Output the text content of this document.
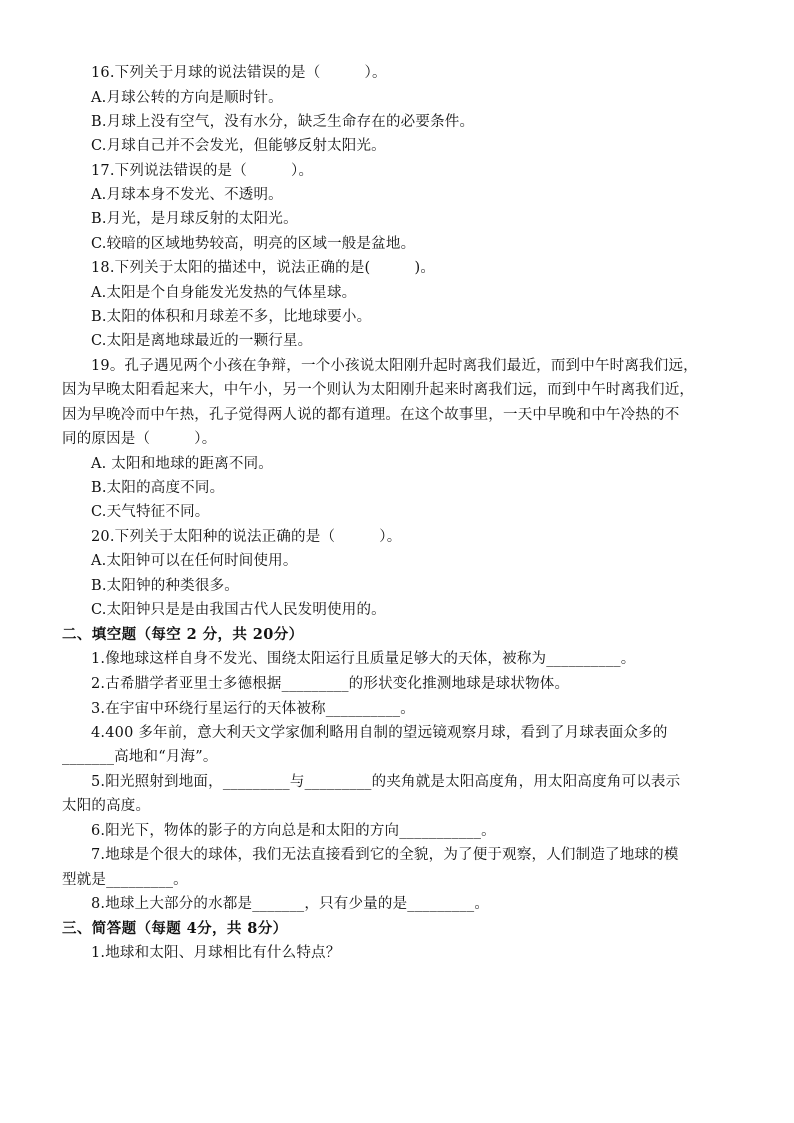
16.下列关于月球的说法错误的是（　　　）。
A.月球公转的方向是顺时针。
B.月球上没有空气，没有水分，缺乏生命存在的必要条件。
C.月球自己并不会发光，但能够反射太阳光。
17.下列说法错误的是（　　　）。
A.月球本身不发光、不透明。
B.月光，是月球反射的太阳光。
C.较暗的区域地势较高，明亮的区域一般是盆地。
18.下列关于太阳的描述中，说法正确的是(　　　)。
A.太阳是个自身能发光发热的气体星球。
B.太阳的体积和月球差不多，比地球要小。
C.太阳是离地球最近的一颗行星。
19。孔子遇见两个小孩在争辩，一个小孩说太阳刚升起时离我们最近，而到中午时离我们远，
因为早晚太阳看起来大，中午小，另一个则认为太阳刚升起来时离我们远，而到中午时离我们近，
因为早晚冷而中午热，孔子觉得两人说的都有道理。在这个故事里，一天中早晚和中午冷热的不
同的原因是（　　　）。
A. 太阳和地球的距离不同。
B.太阳的高度不同。
C.天气特征不同。
20.下列关于太阳种的说法正确的是（　　　）。
A.太阳钟可以在任何时间使用。
B.太阳钟的种类很多。
C.太阳钟只是是由我国古代人民发明使用的。
二、填空题（每空 2 分，共 20分）
1.像地球这样自身不发光、围绕太阳运行且质量足够大的天体，被称为__________。
2.古希腊学者亚里士多德根据_________的形状变化推测地球是球状物体。
3.在宇宙中环绕行星运行的天体被称__________。
4.400 多年前，意大利天文学家伽利略用自制的望远镜观察月球，看到了月球表面众多的
_______高地和“月海”。
5.阳光照射到地面，_________与_________的夹角就是太阳高度角，用太阳高度角可以表示
太阳的高度。
6.阳光下，物体的影子的方向总是和太阳的方向___________。
7.地球是个很大的球体，我们无法直接看到它的全貌，为了便于观察，人们制造了地球的模
型就是_________。
8.地球上大部分的水都是_______，只有少量的是_________。
三、简答题（每题 4分，共 8分）
1.地球和太阳、月球相比有什么特点？
